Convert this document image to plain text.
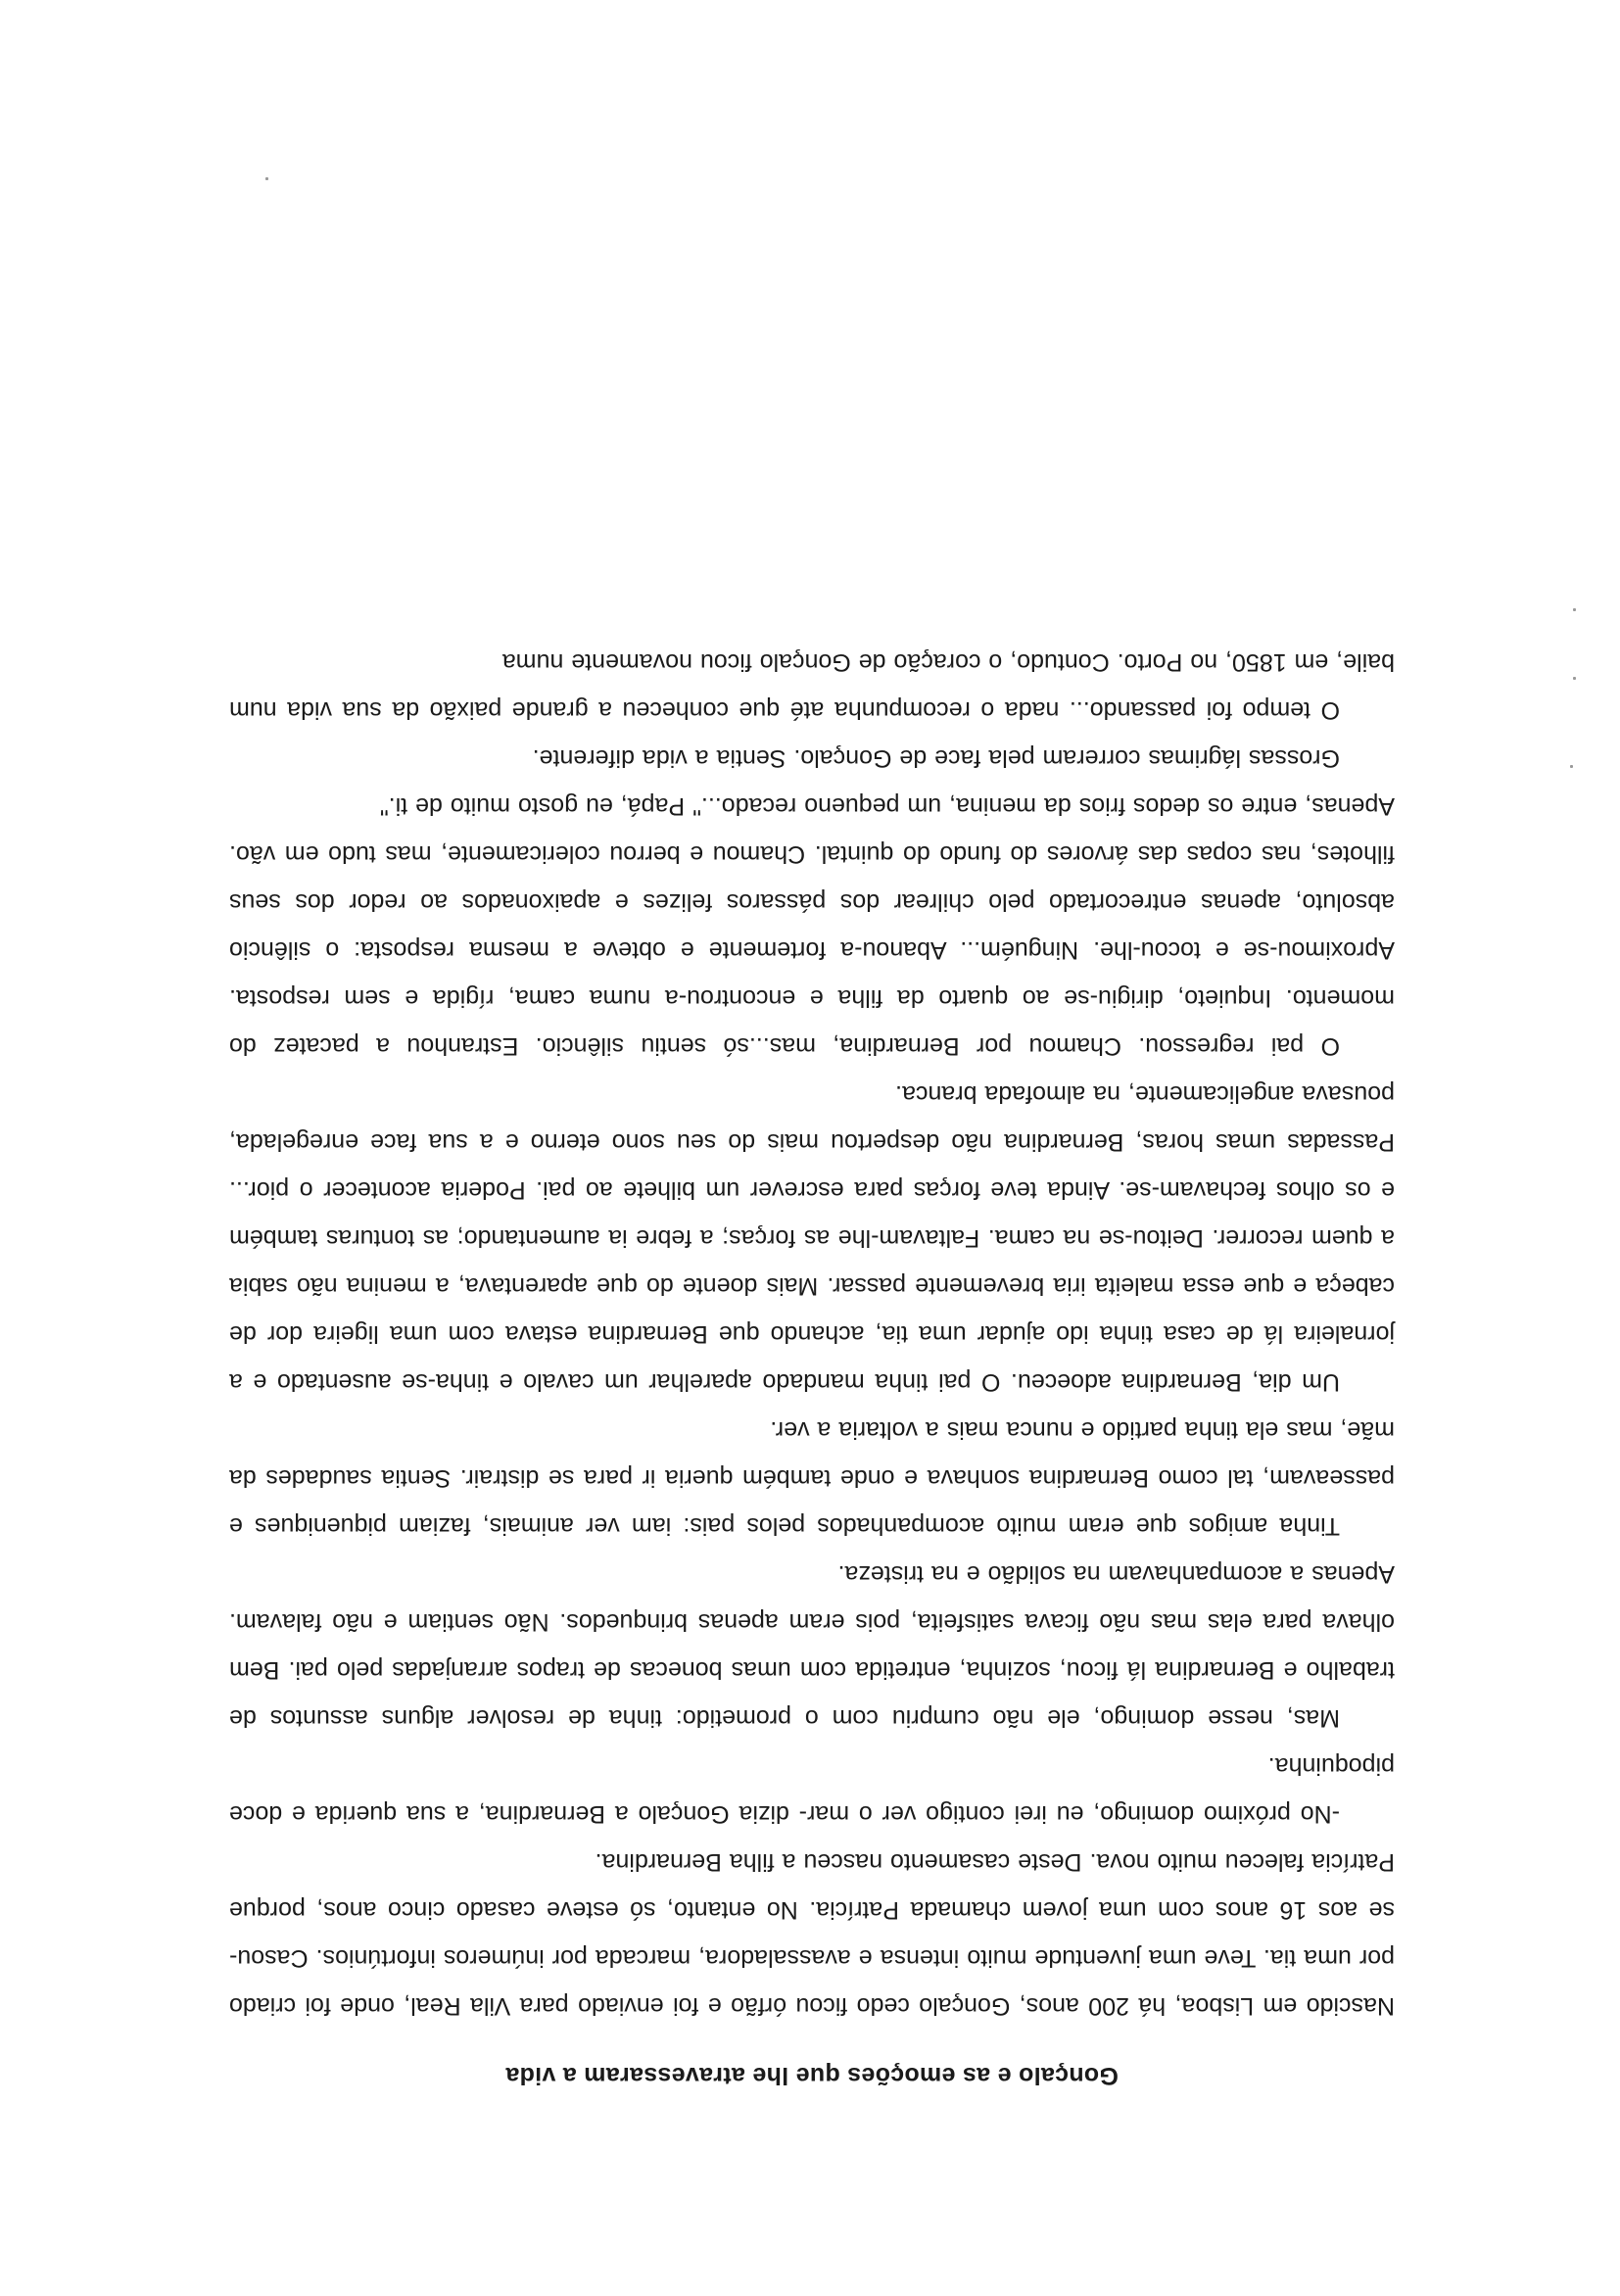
Gonçalo e as emoções que lhe atravessaram a vida

Nascido em Lisboa, há 200 anos, Gonçalo cedo ficou órfão e foi enviado para Vila Real, onde foi criado por uma tia. Teve uma juventude muito intensa e avassaladora, marcada por inúmeros infortúnios. Casou-se aos 16 anos com uma jovem chamada Patrícia. No entanto, só esteve casado cinco anos, porque Patrícia faleceu muito nova. Deste casamento nasceu a filha Bernardina.

-No próximo domingo, eu irei contigo ver o mar- dizia Gonçalo a Bernardina, a sua querida e doce pipoquinha.

Mas, nesse domingo, ele não cumpriu com o prometido: tinha de resolver alguns assuntos de trabalho e Bernardina lá ficou, sozinha, entretida com umas bonecas de trapos arranjadas pelo pai. Bem olhava para elas mas não ficava satisfeita, pois eram apenas brinquedos. Não sentiam e não falavam. Apenas a acompanhavam na solidão e na tristeza.

Tinha amigos que eram muito acompanhados pelos pais: iam ver animais, faziam piqueniques e passeavam, tal como Bernardina sonhava e onde também queria ir para se distrair. Sentia saudades da mãe, mas ela tinha partido e nunca mais a voltaria a ver.

Um dia, Bernardina adoeceu. O pai tinha mandado aparelhar um cavalo e tinha-se ausentado e a jornaleira lá de casa tinha ido ajudar uma tia, achando que Bernardina estava com uma ligeira dor de cabeça e que essa maleita iria brevemente passar. Mais doente do que aparentava, a menina não sabia a quem recorrer. Deitou-se na cama. Faltavam-lhe as forças; a febre ia aumentando; as tonturas também e os olhos fechavam-se. Ainda teve forças para escrever um bilhete ao pai. Poderia acontecer o pior... Passadas umas horas, Bernardina não despertou mais do seu sono eterno e a sua face enregelada, pousava angelicamente, na almofada branca.

O pai regressou. Chamou por Bernardina, mas...só sentiu silêncio. Estranhou a pacatez do momento. Inquieto, dirigiu-se ao quarto da filha e encontrou-a numa cama, rígida e sem resposta. Aproximou-se e tocou-lhe. Ninguém... Abanou-a fortemente e obteve a mesma resposta: o silêncio absoluto, apenas entrecortado pelo chilrear dos pássaros felizes e apaixonados ao redor dos seus filhotes, nas copas das árvores do fundo do quintal. Chamou e berrou colericamente, mas tudo em vão. Apenas, entre os dedos frios da menina, um pequeno recado..." Papá, eu gosto muito de ti."

Grossas lágrimas correram pela face de Gonçalo. Sentia a vida diferente.

O tempo foi passando... nada o recompunha até que conheceu a grande paixão da sua vida num baile, em 1850, no Porto. Contudo, o coração de Gonçalo ficou novamente numa
